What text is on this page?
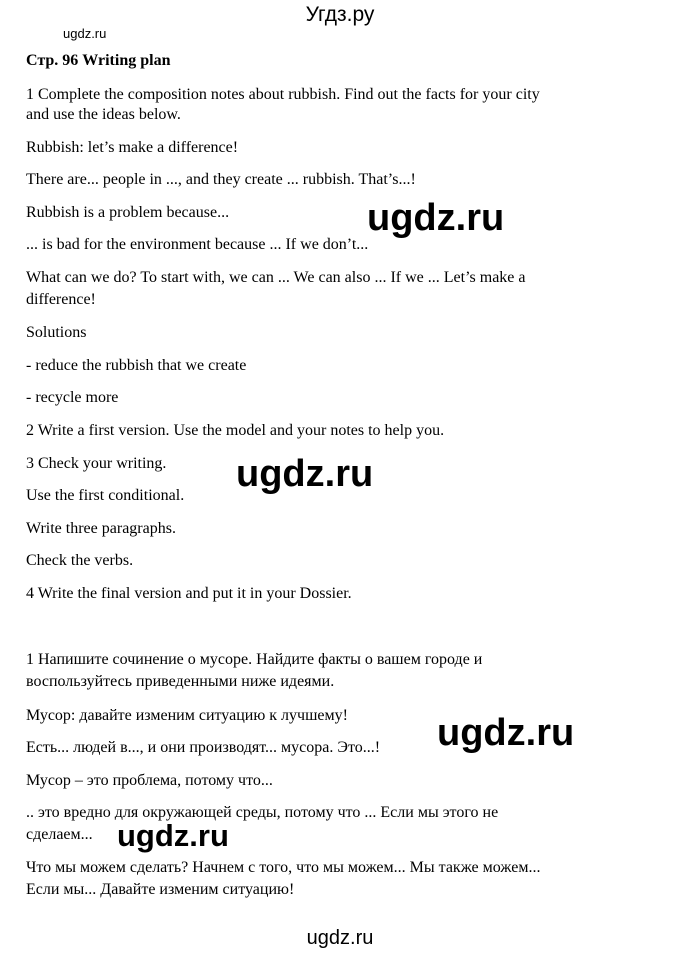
Угдз.ру
ugdz.ru
Стр. 96 Writing plan
1 Complete the composition notes about rubbish. Find out the facts for your city
and use the ideas below.
Rubbish: let’s make a difference!
There are... people in ..., and they create ... rubbish. That’s...!
Rubbish is a problem because...
... is bad for the environment because ... If we don’t...
What can we do? To start with, we can ... We can also ... If we ... Let’s make a
difference!
Solutions
- reduce the rubbish that we create
- recycle more
2 Write a first version. Use the model and your notes to help you.
3 Check your writing.
Use the first conditional.
Write three paragraphs.
Check the verbs.
4 Write the final version and put it in your Dossier.
1 Напишите сочинение о мусоре. Найдите факты о вашем городе и
воспользуйтесь приведенными ниже идеями.
Мусор: давайте изменим ситуацию к лучшему!
Есть... людей в..., и они производят... мусора. Это...!
Мусор – это проблема, потому что...
.. это вредно для окружающей среды, потому что ... Если мы этого не
сделаем...
Что мы можем сделать? Начнем с того, что мы можем... Мы также можем...
Если мы... Давайте изменим ситуацию!
ugdz.ru
ugdz.ru
ugdz.ru
ugdz.ru
ugdz.ru
